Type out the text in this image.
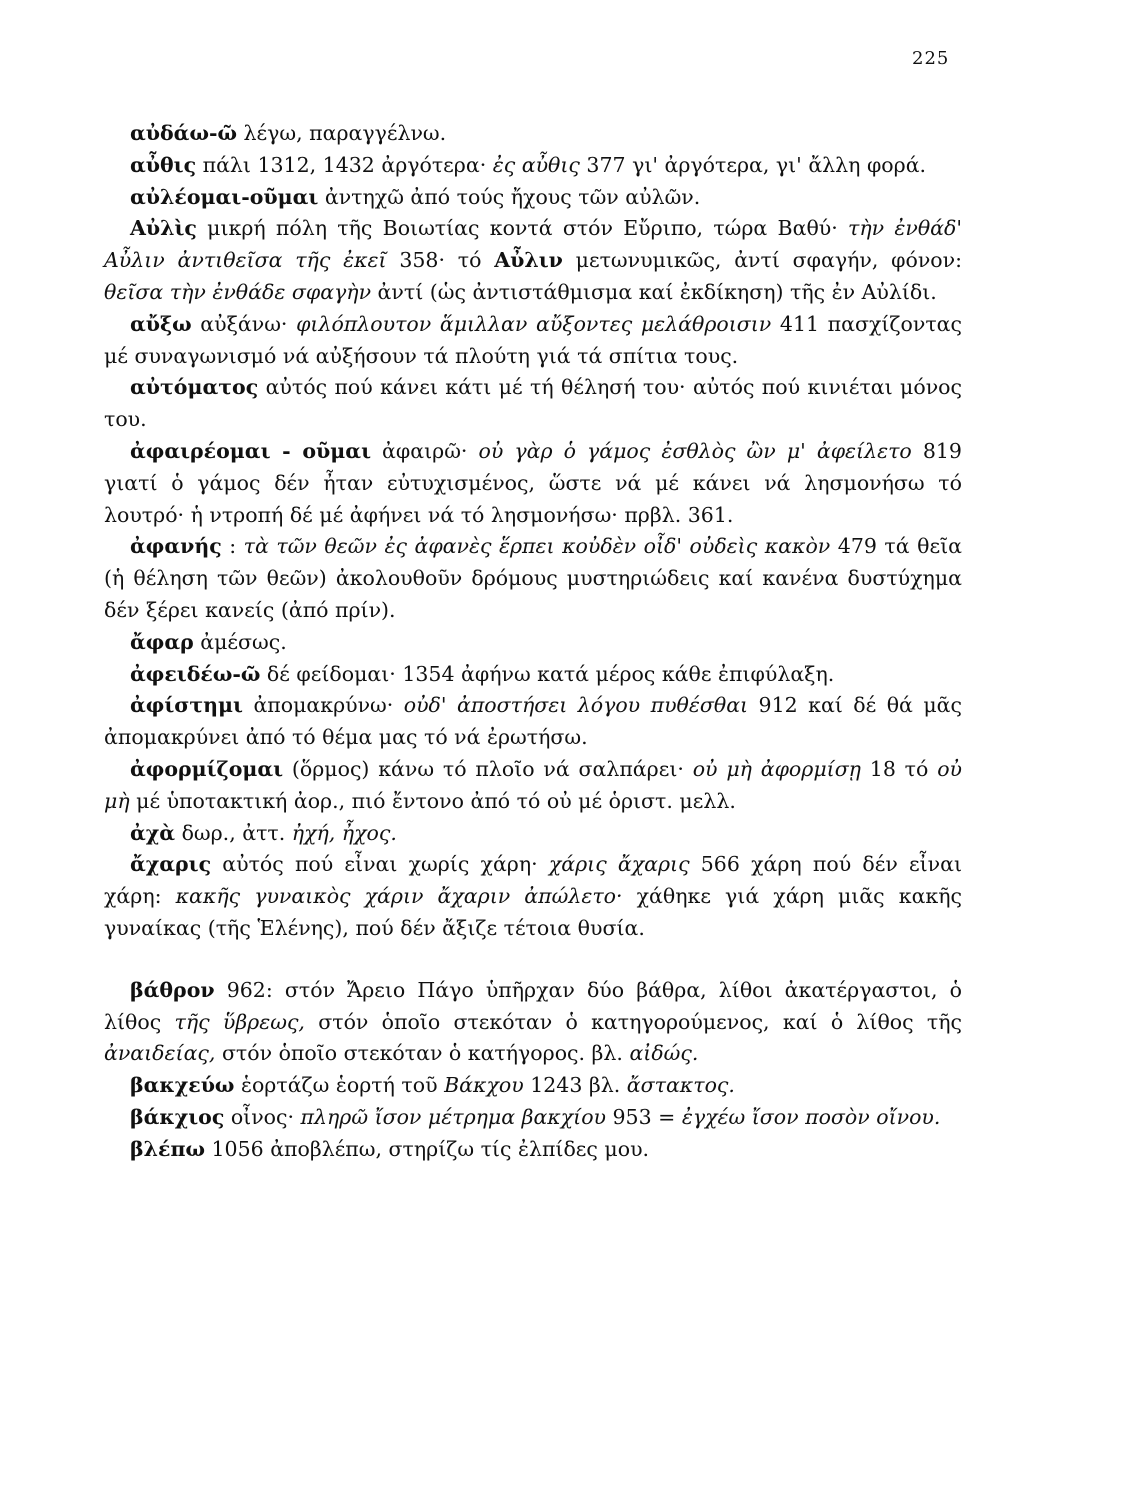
225

αὐδάω-ῶ λέγω, παραγγέλνω.

αὖθις πάλι 1312, 1432 ἀργότερα· ἐς αὖθις 377 γι' ἀργότερα, γι' ἄλλη φορά.

αὐλέομαι-οῦμαι ἀντηχῶ ἀπό τούς ἤχους τῶν αὐλῶν.

Αὐλὶς μικρή πόλη τῆς Βοιωτίας κοντά στόν Εὔριπο, τώρα Βαθύ· τὴν ἐνθάδ' Αὖλιν ἀντιθεῖσα τῆς ἐκεῖ 358· τό Αὖλιν μετωνυμικῶς, ἀντί σφαγήν, φόνον: θεῖσα τὴν ἐνθάδε σφαγὴν ἀντί (ὡς ἀντιστάθμισμα καί ἐκδίκηση) τῆς ἐν Αὐλίδι.

αὔξω αὐξάνω· φιλόπλουτον ἅμιλλαν αὔξοντες μελάθροισιν 411 πασχίζοντας μέ συναγωνισμό νά αὐξήσουν τά πλούτη γιά τά σπίτια τους.

αὐτόματος αὐτός πού κάνει κάτι μέ τή θέλησή του· αὐτός πού κινιέται μόνος του.

ἀφαιρέομαι - οῦμαι ἀφαιρῶ· οὐ γὰρ ὁ γάμος ἐσθλὸς ὢν μ' ἀφείλετο 819 γιατί ὁ γάμος δέν ἦταν εὐτυχισμένος, ὥστε νά μέ κάνει νά λησμονήσω τό λουτρό· ἡ ντροπή δέ μέ ἀφήνει νά τό λησμονήσω· πρβλ. 361.

ἀφανής : τὰ τῶν θεῶν ἐς ἀφανὲς ἕρπει κοὐδὲν οἶδ' οὐδεὶς κακὸν 479 τά θεῖα (ἡ θέληση τῶν θεῶν) ἀκολουθοῦν δρόμους μυστηριώδεις καί κανένα δυστύχημα δέν ξέρει κανείς (ἀπό πρίν).

ἄφαρ ἀμέσως.

ἀφειδέω-ῶ δέ φείδομαι· 1354 ἀφήνω κατά μέρος κάθε ἐπιφύλαξη.

ἀφίστημι ἀπομακρύνω· οὐδ' ἀποστήσει λόγου πυθέσθαι 912 καί δέ θά μᾶς ἀπομακρύνει ἀπό τό θέμα μας τό νά ἐρωτήσω.

ἀφορμίζομαι (ὅρμος) κάνω τό πλοῖο νά σαλπάρει· οὐ μὴ ἀφορμίσῃ 18 τό οὐ μὴ μέ ὑποτακτική ἀορ., πιό ἔντονο ἀπό τό οὐ μέ ὁριστ. μελλ.

ἀχὰ δωρ., ἀττ. ἠχή, ἦχος.

ἄχαρις αὐτός πού εἶναι χωρίς χάρη· χάρις ἄχαρις 566 χάρη πού δέν εἶναι χάρη: κακῆς γυναικὸς χάριν ἄχαριν ἀπώλετο· χάθηκε γιά χάρη μιᾶς κακῆς γυναίκας (τῆς Ἑλένης), πού δέν ἄξιζε τέτοια θυσία.

βάθρον 962: στόν Ἄρειο Πάγο ὑπῆρχαν δύο βάθρα, λίθοι ἀκατέργαστοι, ὁ λίθος τῆς ὕβρεως, στόν ὁποῖο στεκόταν ὁ κατηγορούμενος, καί ὁ λίθος τῆς ἀναιδείας, στόν ὁποῖο στεκόταν ὁ κατήγορος. βλ. αἰδώς.

βακχεύω ἑορτάζω ἑορτή τοῦ Βάκχου 1243 βλ. ἄστακτος.

βάκχιος οἶνος· πληρῶ ἴσον μέτρημα βακχίου 953 = ἐγχέω ἴσον ποσὸν οἴνου.

βλέπω 1056 ἀποβλέπω, στηρίζω τίς ἐλπίδες μου.
